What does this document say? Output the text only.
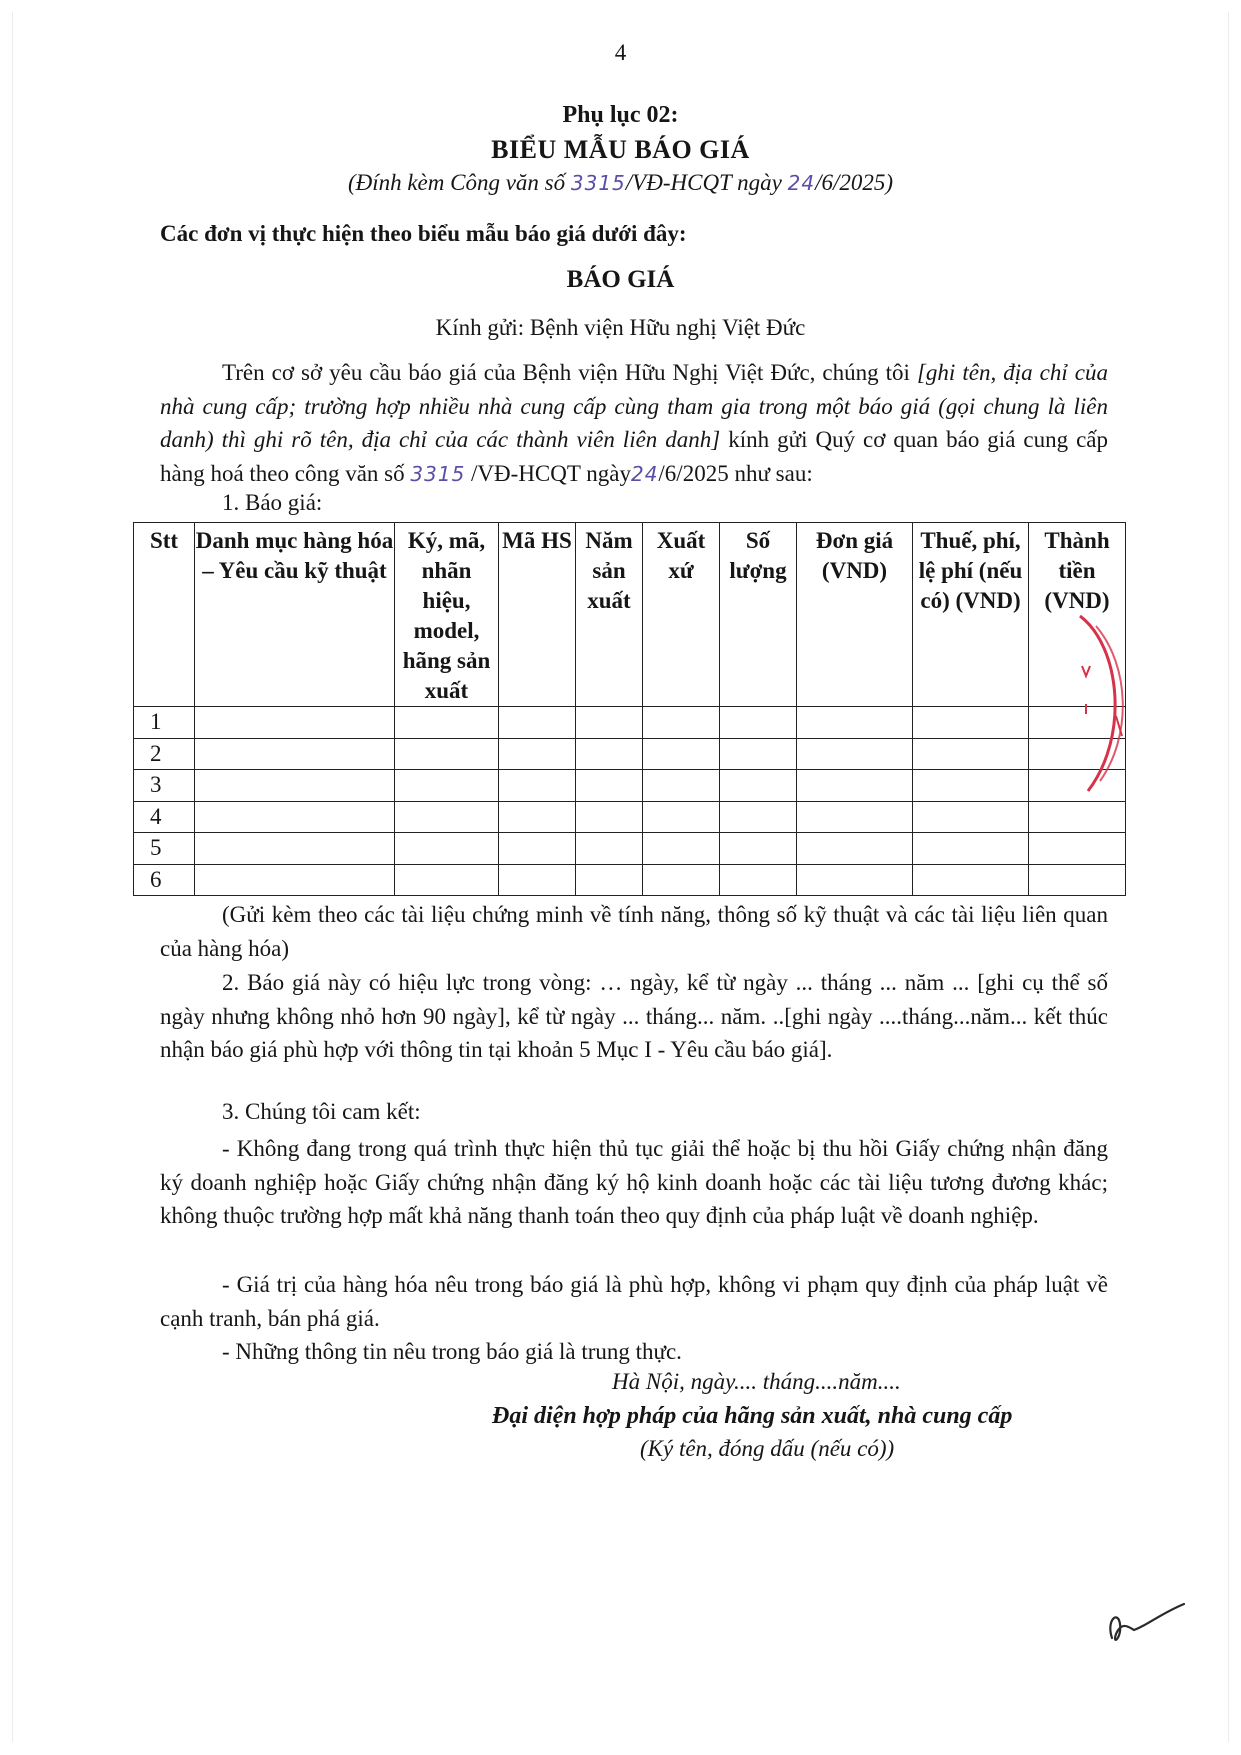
4
Phụ lục 02:
BIỂU MẪU BÁO GIÁ
(Đính kèm Công văn số 3315/VĐ-HCQT ngày 24/6/2025)
Các đơn vị thực hiện theo biểu mẫu báo giá dưới đây:
BÁO GIÁ
Kính gửi: Bệnh viện Hữu nghị Việt Đức
Trên cơ sở yêu cầu báo giá của Bệnh viện Hữu Nghị Việt Đức, chúng tôi [ghi tên, địa chỉ của nhà cung cấp; trường hợp nhiều nhà cung cấp cùng tham gia trong một báo giá (gọi chung là liên danh) thì ghi rõ tên, địa chỉ của các thành viên liên danh] kính gửi Quý cơ quan báo giá cung cấp hàng hoá theo công văn số 3315 /VĐ-HCQT ngày24/6/2025 như sau:
1. Báo giá:
Stt	Danh mục hàng hóa – Yêu cầu kỹ thuật	Ký, mã, nhãn hiệu, model, hãng sản xuất	Mã HS	Năm sản xuất	Xuất xứ	Số lượng	Đơn giá (VND)	Thuế, phí, lệ phí (nếu có) (VND)	Thành tiền (VND)
1									
2									
3									
4									
5									
6									
(Gửi kèm theo các tài liệu chứng minh về tính năng, thông số kỹ thuật và các tài liệu liên quan của hàng hóa)
2. Báo giá này có hiệu lực trong vòng: … ngày, kể từ ngày ... tháng ... năm ... [ghi cụ thể số ngày nhưng không nhỏ hơn 90 ngày], kể từ ngày ... tháng... năm. ..[ghi ngày ....tháng...năm... kết thúc nhận báo giá phù hợp với thông tin tại khoản 5 Mục I - Yêu cầu báo giá].
3. Chúng tôi cam kết:
- Không đang trong quá trình thực hiện thủ tục giải thể hoặc bị thu hồi Giấy chứng nhận đăng ký doanh nghiệp hoặc Giấy chứng nhận đăng ký hộ kinh doanh hoặc các tài liệu tương đương khác; không thuộc trường hợp mất khả năng thanh toán theo quy định của pháp luật về doanh nghiệp.
- Giá trị của hàng hóa nêu trong báo giá là phù hợp, không vi phạm quy định của pháp luật về cạnh tranh, bán phá giá.
- Những thông tin nêu trong báo giá là trung thực.
Hà Nội, ngày.... tháng....năm....
Đại diện hợp pháp của hãng sản xuất, nhà cung cấp
(Ký tên, đóng dấu (nếu có))
